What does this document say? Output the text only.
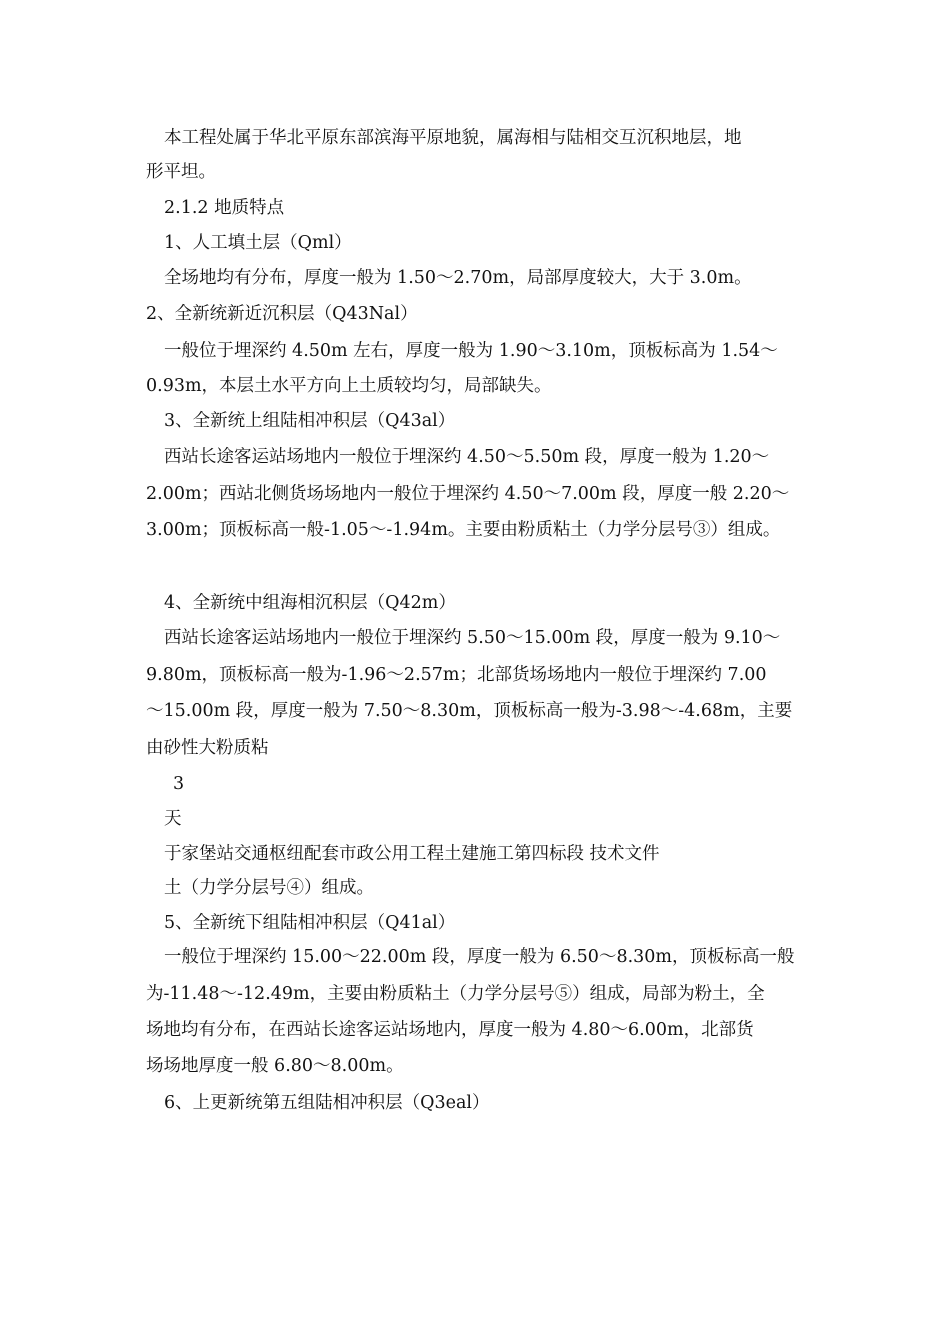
本工程处属于华北平原东部滨海平原地貌，属海相与陆相交互沉积地层，地
形平坦。
2.1.2 地质特点
1、人工填土层（Qml）
全场地均有分布，厚度一般为 1.50～2.70m，局部厚度较大，大于 3.0m。
2、全新统新近沉积层（Q43Nal）
一般位于埋深约 4.50m 左右，厚度一般为 1.90～3.10m，顶板标高为 1.54～
0.93m，本层土水平方向上土质较均匀，局部缺失。
3、全新统上组陆相冲积层（Q43al）
西站长途客运站场地内一般位于埋深约 4.50～5.50m 段，厚度一般为 1.20～
2.00m；西站北侧货场场地内一般位于埋深约 4.50～7.00m 段，厚度一般 2.20～
3.00m；顶板标高一般-1.05～-1.94m。主要由粉质粘土（力学分层号③）组成。
4、全新统中组海相沉积层（Q42m）
西站长途客运站场地内一般位于埋深约 5.50～15.00m 段，厚度一般为 9.10～
9.80m，顶板标高一般为-1.96～2.57m；北部货场场地内一般位于埋深约 7.00
～15.00m 段，厚度一般为 7.50～8.30m，顶板标高一般为-3.98～-4.68m，主要
由砂性大粉质粘
3
天
于家堡站交通枢纽配套市政公用工程土建施工第四标段 技术文件
土（力学分层号④）组成。
5、全新统下组陆相冲积层（Q41al）
一般位于埋深约 15.00～22.00m 段，厚度一般为 6.50～8.30m，顶板标高一般
为-11.48～-12.49m，主要由粉质粘土（力学分层号⑤）组成，局部为粉土，全
场地均有分布，在西站长途客运站场地内，厚度一般为 4.80～6.00m，北部货
场场地厚度一般 6.80～8.00m。
6、上更新统第五组陆相冲积层（Q3eal）
